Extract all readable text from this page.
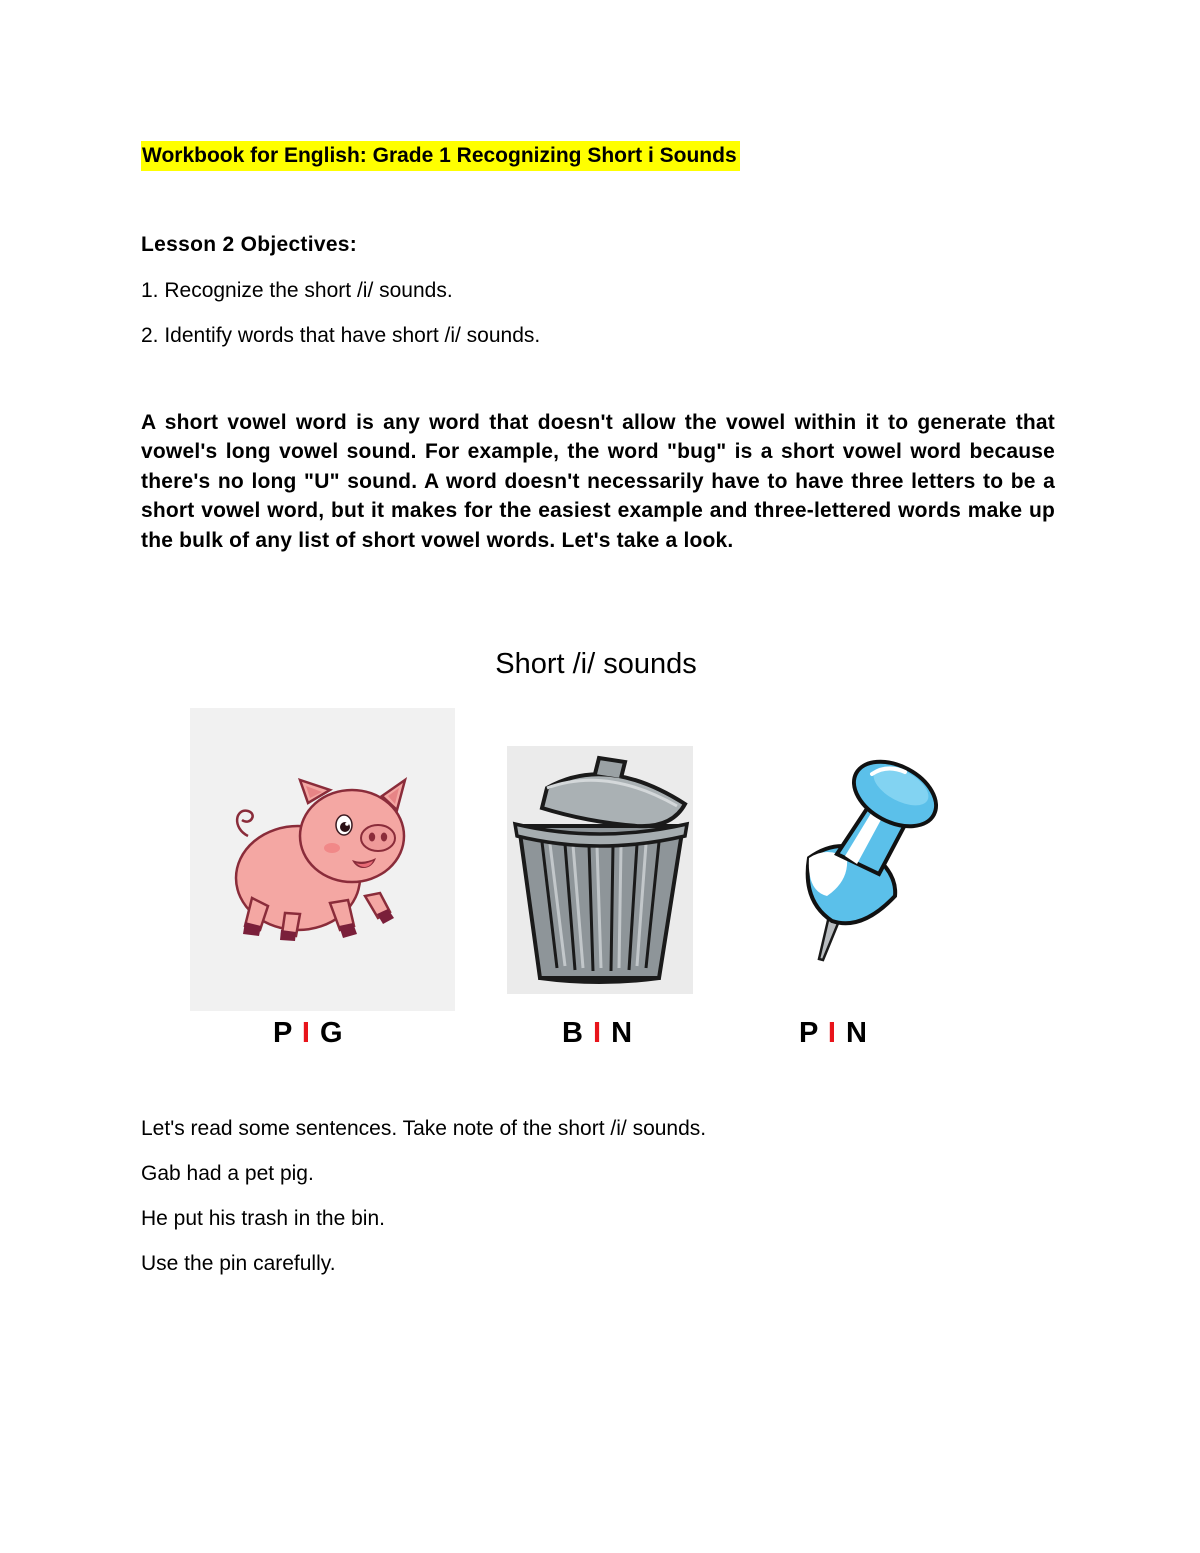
Workbook for English: Grade 1 Recognizing Short i Sounds
Lesson 2 Objectives:
1. Recognize the short /i/ sounds.
2. Identify words that have short /i/ sounds.
A short vowel word is any word that doesn't allow the vowel within it to generate that vowel's long vowel sound. For example, the word "bug" is a short vowel word because there's no long "U" sound. A word doesn't necessarily have to have three letters to be a short vowel word, but it makes for the easiest example and three-lettered words make up the bulk of any list of short vowel words. Let's take a look.
Short /i/ sounds
P I G	B I N	P I N
Let's read some sentences. Take note of the short /i/ sounds.
Gab had a pet pig.
He put his trash in the bin.
Use the pin carefully.
